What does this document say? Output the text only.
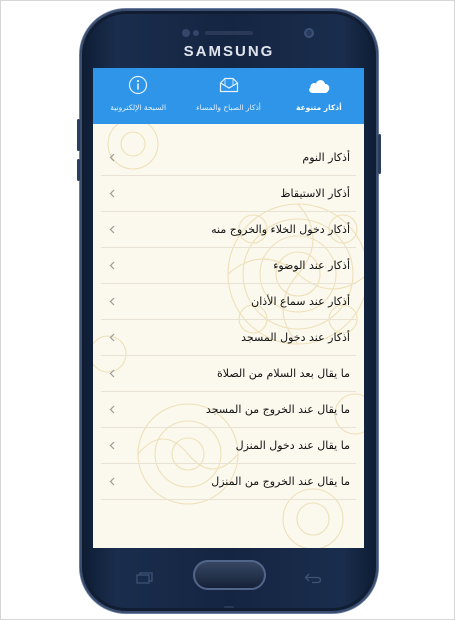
SAMSUNG
أذكار متنوعة
أذكار الصباح والمساء
السبحة الإلكترونية
أذكار النوم
أذكار الاستيقاظ
أذكار دخول الخلاء والخروج منه
أذكار عند الوضوء
أذكار عند سماع الأذان
أذكار عند دخول المسجد
ما يقال بعد السلام من الصلاة
ما يقال عند الخروج من المسجد
ما يقال عند دخول المنزل
ما يقال عند الخروج من المنزل
